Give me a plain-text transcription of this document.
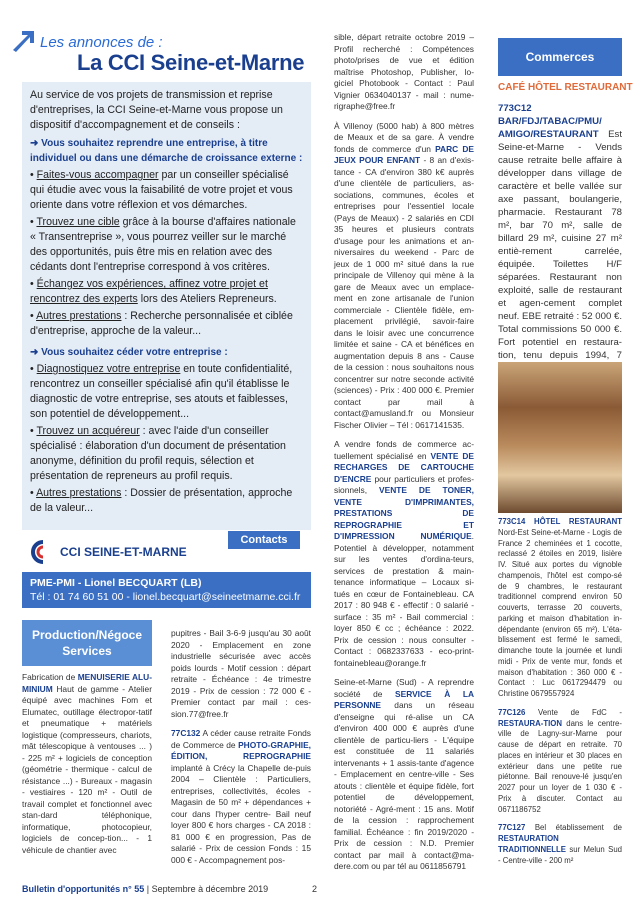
Les annonces de :
La CCI Seine-et-Marne

Au service de vos projets de transmission et reprise d'entreprises, la CCI Seine-et-Marne vous propose un dispositif d'accompagnement et de conseils :

➜ Vous souhaitez reprendre une entreprise, à titre individuel ou dans une démarche de croissance externe :

• Faites-vous accompagner par un conseiller spécialisé qui étudie avec vous la faisabilité de votre projet et vous oriente dans votre réflexion et vos démarches.

• Trouvez une cible grâce à la bourse d'affaires nationale « Transentreprise », vous pourrez veiller sur le marché des opportunités, puis être mis en relation avec des cédants dont l'entreprise correspond à vos critères.

• Échangez vos expériences, affinez votre projet et rencontrez des experts lors des Ateliers Repreneurs.

• Autres prestations : Recherche personnalisée et ciblée d'entreprise, approche de la valeur...

➜ Vous souhaitez céder votre entreprise :

• Diagnostiquez votre entreprise en toute confidentialité, rencontrez un conseiller spécialisé afin qu'il établisse le diagnostic de votre entreprise, ses atouts et faiblesses, son potentiel de développement...

• Trouvez un acquéreur : avec l'aide d'un conseiller spécialisé : élaboration d'un document de présentation anonyme, définition du profil requis, sélection et présentation de repreneurs au profil requis.

• Autres prestations : Dossier de présentation, approche de la valeur...

Contacts
CCI SEINE-ET-MARNE
PME-PMI - Lionel BECQUART (LB)
Tél : 01 74 60 51 00 - lionel.becquart@seineetmarne.cci.fr
Production/Négoce Services
Fabrication de MENUISERIE ALU-MINIUM Haut de gamme - Atelier équipé avec machines Fom et Elumatec, outillage électropor-tatif et pneumatique + matériels logistique (compresseurs, chariots, mât télescopique à ventouses ... ) - 225 m² + logiciels de conception (géométrie - thermique - calcul de résistance ...) - Bureaux - magasin - vestiaires - 120 m² - Outil de travail complet et fonctionnel avec stan-dard téléphonique, informatique, photocopieur, logiciels de concep-tion... - 1 véhicule de chantier avec
pupitres - Bail 3-6-9 jusqu'au 30 août 2020 - Emplacement en zone industrielle sécurisée avec accès poids lourds - Motif cession : départ retraite - Échéance : 4e trimestre 2019 - Prix de cession : 72 000 € - Premier contact par mail : ces-sion.77@free.fr
77C132 A céder cause retraite Fonds de Commerce de PHOTO-GRAPHIE, ÉDITION, REPROGRAPHIE implanté à Crécy la Chapelle de-puis 2004 – Clientèle : Particuliers, entreprises, collectivités, écoles - Magasin de 50 m² + dépendances + cour dans l'hyper centre- Bail neuf loyer 800 € hors charges - CA 2018 : 81 000 € en progression, Pas de salarié - Prix de cession Fonds : 15 000 € - Accompagnement pos-
sible, départ retraite octobre 2019 – Profil recherché : Compétences photo/prises de vue et édition maîtrise Photoshop, Publisher, lo-giciel Photobook - Contact : Paul Vignier 0634040137 - mail : nume-rigraphe@free.fr
À Villenoy (5000 hab) à 800 mètres de Meaux et de sa gare. À vendre fonds de commerce d'un PARC DE JEUX POUR ENFANT - 8 an d'exis-tance - CA d'environ 380 k€ auprès d'une clientèle de particuliers, as-sociations, communes, écoles et entreprises pour l'essentiel locale (Pays de Meaux) - 2 salariés en CDI 35 heures et plusieurs contrats d'usage pour les animations et an-niversaires du weekend - Parc de jeux de 1 000 m² situé dans la rue principale de Villenoy qui mène à la gare de Meaux avec un emplace-ment en zone artisanale de l'union commerciale - Clientèle fidèle, em-placement privilégié, savoir-faire dans le loisir avec une concurrence limitée et saine - CA et bénéfices en augmentation depuis 8 ans - Cause de la cession : nous souhaitons nous concentrer sur notre seconde activité (sciences) - Prix : 400 000 €. Premier contact par mail à contact@amusland.fr ou Monsieur Fischer Olivier – Tél : 0617141535.
A vendre fonds de commerce ac-tuellement spécialisé en VENTE DE RECHARGES DE CARTOUCHE D'ENCRE pour particuliers et profes-sionnels, VENTE DE TONER, VENTE D'IMPRIMANTES, PRESTATIONS DE REPROGRAPHIE ET D'IMPRESSION NUMÉRIQUE. Potentiel à développer, notamment sur les ventes d'ordina-teurs, services de prestation & main-tenance informatique – Locaux si-tués en cœur de Fontainebleau. CA 2017 : 80 948 € - effectif : 0 salarié - surface : 35 m² - Bail commercial : loyer 850 € cc ; échéance : 2022. Prix de cession : nous consulter - Contact : 0682337633 - eco-print-fontainebleau@orange.fr
Seine-et-Marne (Sud) - A reprendre société de SERVICE À LA PERSONNE dans un réseau d'enseigne qui ré-alise un CA d'environ 400 000 € auprès d'une clientèle de particu-liers - L'équipe est constituée de 11 salariés intervenants + 1 assis-tante d'agence - Emplacement en centre-ville - Ses atouts : clientèle et équipe fidèle, fort potentiel de développement, notoriété - Agré-ment : 15 ans. Motif de la cession : rapprochement familial. Échéance : fin 2019/2020 - Prix de cession : N.D. Premier contact par mail à contact@ma-dere.com ou par tél au 0611856791
Commerces
CAFÉ HÔTEL RESTAURANT
773C12 BAR/FDJ/TABAC/PMU/ AMIGO/RESTAURANT Est Seine-et-Marne - Vends cause retraite belle affaire à développer dans village de caractère et belle vallée sur axe passant, boulangerie, pharmacie. Restaurant 78 m², bar 70 m², salle de billard 29 m², cuisine 27 m² entiè-rement carrelée, équipée. Toilettes H/F séparées. Restaurant non exploité, salle de restaurant et agen-cement complet neuf. EBE retraité : 52 000 €. Total commissions 50 000 €. Fort potentiel en restaura-tion, tenu depuis 1994, 7
773C14 HÔTEL RESTAURANT Nord-Est Seine-et-Marne - Logis de France 2 cheminées et 1 cocotte, reclassé 2 étoiles en 2019, lisière IV. Situé aux portes du vignoble champenois, l'hôtel est compo-sé de 9 chambres, le restaurant traditionnel comprend environ 50 couverts, terrasse 20 couverts, parking et maison d'habitation in-dépendante (environ 65 m²). L'éta-blissement est fermé le samedi, dimanche toute la journée et lundi midi - Prix de vente mur, fonds et maison d'habitation : 360 000 € - Contact : Luc 0617294479 ou Christine 0679557924
77C126 Vente de FdC - RESTAURA-TION dans le centre-ville de Lagny-sur-Marne pour cause de départ en retraite. 70 places en intérieur et 30 places en extérieur dans une petite rue piétonne. Bail renouve-lé jusqu'en 2027 pour un loyer de 1 030 € - Prix à discuter. Contact au 0671186752
77C127 Bel établissement de RESTAURATION TRADITIONNELLE sur Melun Sud - Centre-ville - 200 m²
Bulletin d'opportunités n° 55 | Septembre à décembre 2019	2
